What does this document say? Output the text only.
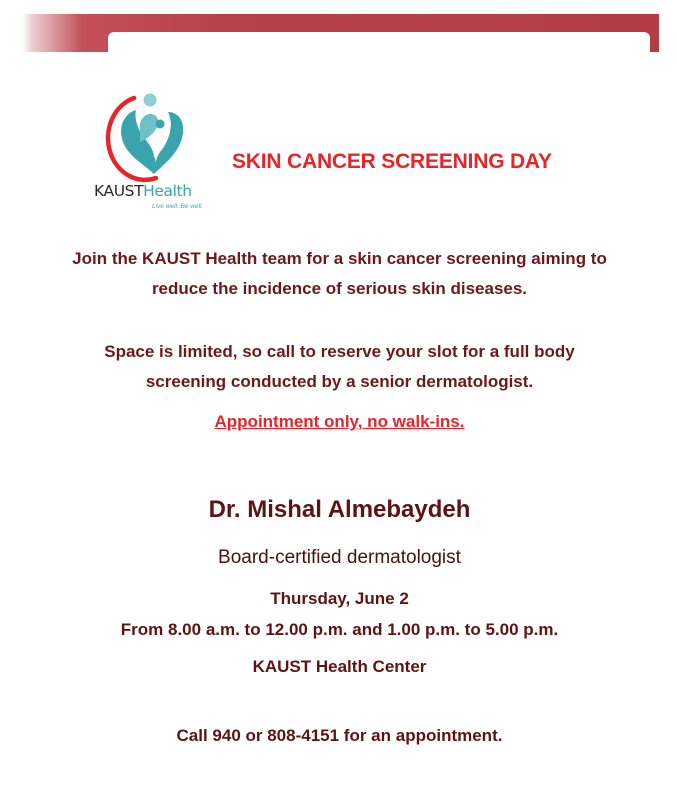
KAUSTHealth
Live well. Be well.
SKIN CANCER SCREENING DAY
Join the KAUST Health team for a skin cancer screening aiming to
reduce the incidence of serious skin diseases.
Space is limited, so call to reserve your slot for a full body
screening conducted by a senior dermatologist.
Appointment only, no walk-ins.
Dr. Mishal Almebaydeh
Board-certified dermatologist
Thursday, June 2
From 8.00 a.m. to 12.00 p.m. and 1.00 p.m. to 5.00 p.m.
KAUST Health Center
Call 940 or 808-4151 for an appointment.
